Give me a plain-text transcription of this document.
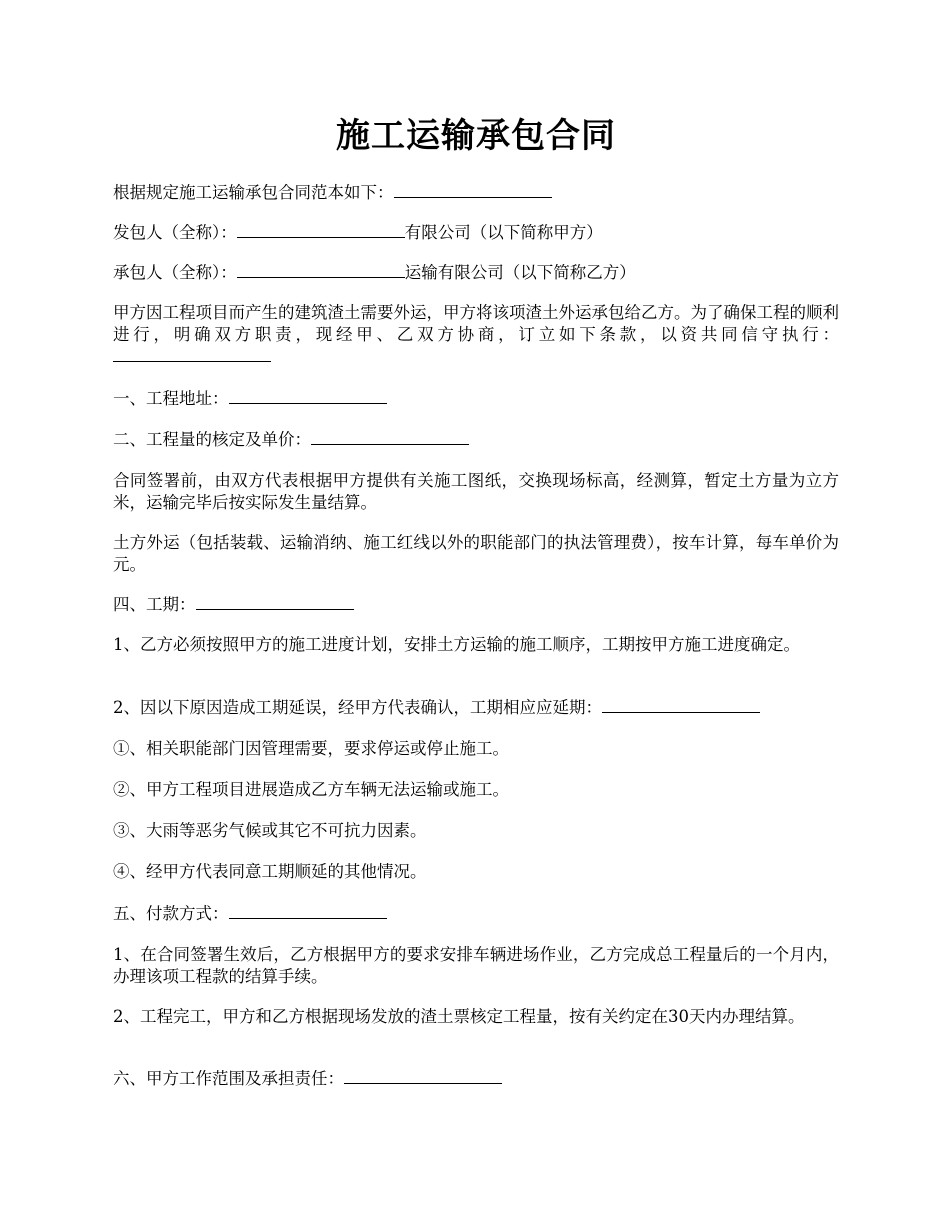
施工运输承包合同
根据规定施工运输承包合同范本如下：
发包人（全称）：	有限公司（以下简称甲方）
承包人（全称）：	运输有限公司（以下简称乙方）
甲方因工程项目而产生的建筑渣土需要外运，甲方将该项渣土外运承包给乙方。为了确保工程的顺利进行，明确双方职责，现经甲、乙双方协商，订立如下条款，以资共同信守执行：
一、工程地址：
二、工程量的核定及单价：
合同签署前，由双方代表根据甲方提供有关施工图纸，交换现场标高，经测算，暂定土方量为立方米，运输完毕后按实际发生量结算。
土方外运（包括装载、运输消纳、施工红线以外的职能部门的执法管理费），按车计算，每车单价为元。
四、工期：
1、乙方必须按照甲方的施工进度计划，安排土方运输的施工顺序，工期按甲方施工进度确定。
2、因以下原因造成工期延误，经甲方代表确认，工期相应应延期：
①、相关职能部门因管理需要，要求停运或停止施工。
②、甲方工程项目进展造成乙方车辆无法运输或施工。
③、大雨等恶劣气候或其它不可抗力因素。
④、经甲方代表同意工期顺延的其他情况。
五、付款方式：
1、在合同签署生效后，乙方根据甲方的要求安排车辆进场作业，乙方完成总工程量后的一个月内，办理该项工程款的结算手续。
2、工程完工，甲方和乙方根据现场发放的渣土票核定工程量，按有关约定在30天内办理结算。
六、甲方工作范围及承担责任：
